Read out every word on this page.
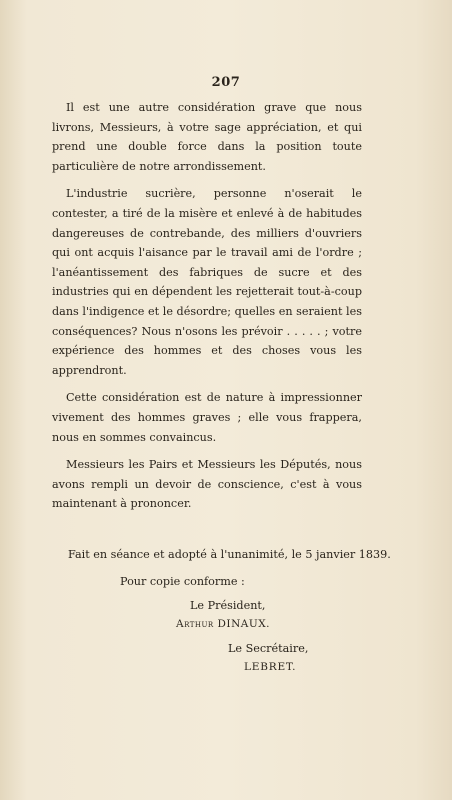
207

Il est une autre considération grave que nous livrons, Messieurs, à votre sage appréciation, et qui prend une double force dans la position toute particulière de notre arrondissement.

L'industrie sucrière, personne n'oserait le contester, a tiré de la misère et enlevé à de habitudes dangereuses de contrebande, des milliers d'ouvriers qui ont acquis l'aisance par le travail ami de l'ordre ; l'anéantissement des fabriques de sucre et des industries qui en dépendent les rejetterait tout-à-coup dans l'indigence et le désordre; quelles en seraient les conséquences? Nous n'osons les prévoir . . . . . ; votre expérience des hommes et des choses vous les apprendront.

Cette considération est de nature à impressionner vivement des hommes graves ; elle vous frappera, nous en sommes convaincus.

Messieurs les Pairs et Messieurs les Députés, nous avons rempli un devoir de conscience, c'est à vous maintenant à prononcer.

Fait en séance et adopté à l'unanimité, le 5 janvier 1839.
Pour copie conforme :
Le Président,
Arthur DINAUX.
Le Secrétaire,
LEBRET.
